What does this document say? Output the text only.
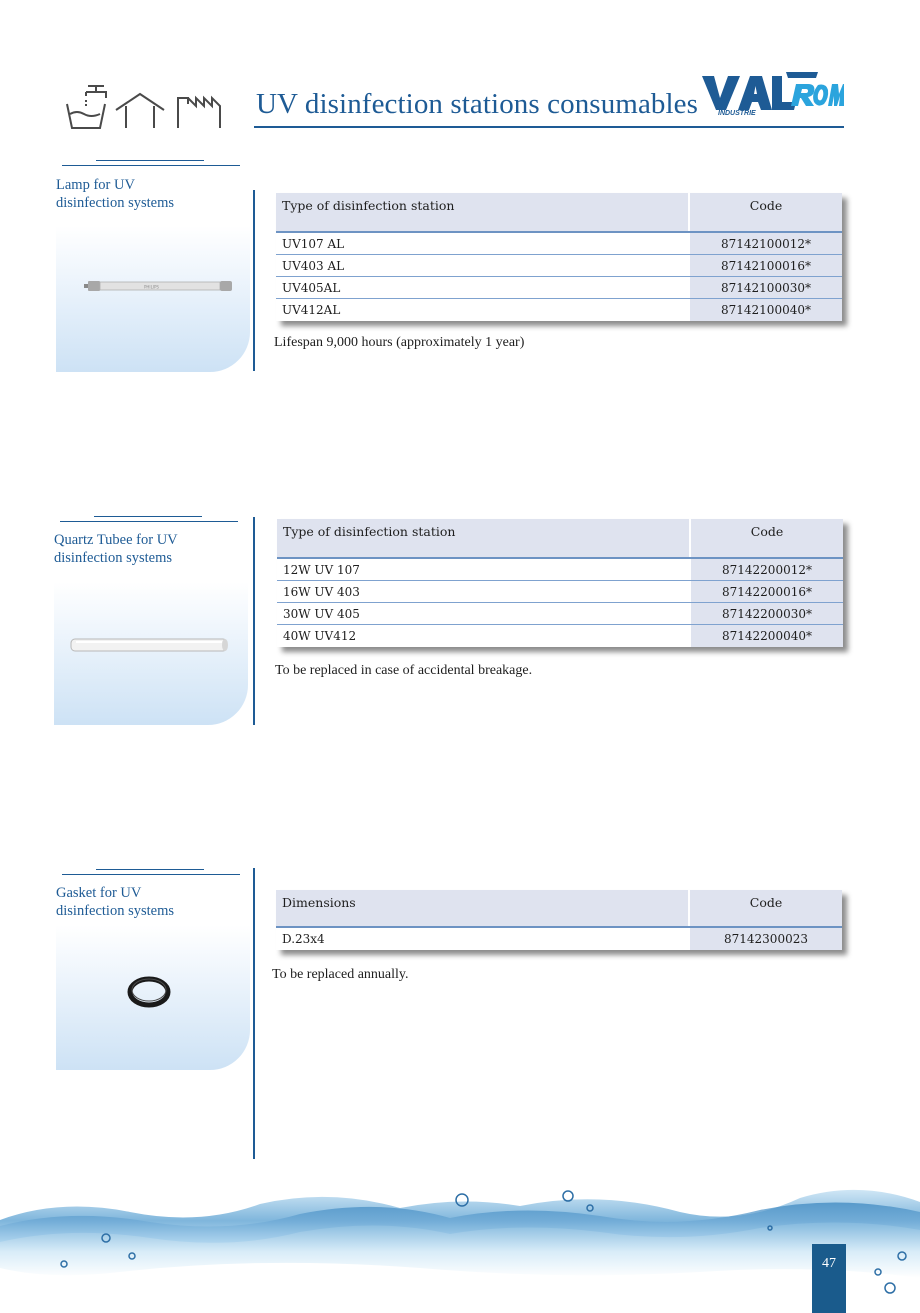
UV disinfection stations consumables	INDUSTRIE
Lamp for UV
disinfection systems
PHILIPS
Type of disinfection station	Code
UV107 AL	87142100012*
UV403 AL	87142100016*
UV405AL	87142100030*
UV412AL	87142100040*
Lifespan 9,000 hours (approximately 1 year)
Quartz Tubee for UV
disinfection systems
Type of disinfection station	Code
12W UV 107	87142200012*
16W UV 403	87142200016*
30W UV 405	87142200030*
40W UV412	87142200040*
To be replaced in case of accidental breakage.
Gasket for UV
disinfection systems
Dimensions	Code
D.23x4	87142300023
To be replaced annually.
47
